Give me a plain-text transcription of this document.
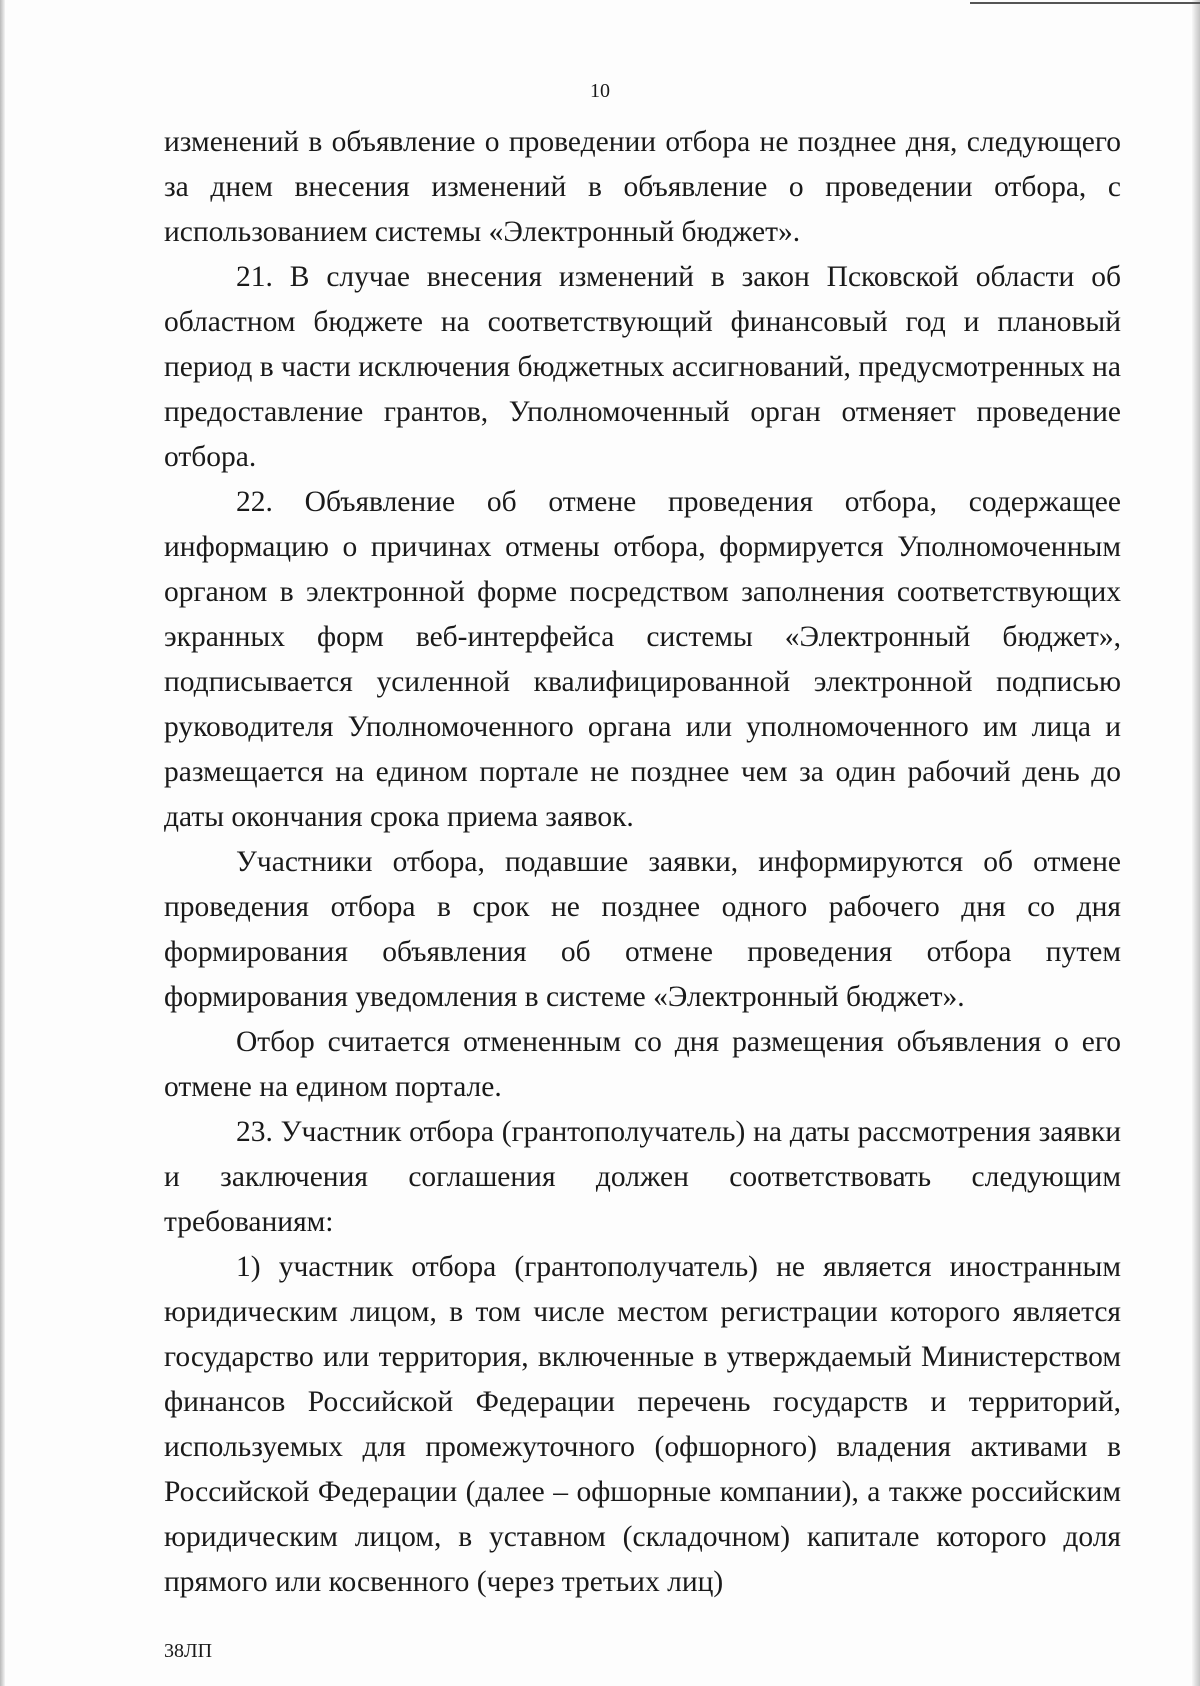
10

изменений в объявление о проведении отбора не позднее дня, следующего за днем внесения изменений в объявление о проведении отбора, с использованием системы «Электронный бюджет».

21. В случае внесения изменений в закон Псковской области об областном бюджете на соответствующий финансовый год и плановый период в части исключения бюджетных ассигнований, предусмотренных на предоставление грантов, Уполномоченный орган отменяет проведение отбора.

22. Объявление об отмене проведения отбора, содержащее информацию о причинах отмены отбора, формируется Уполномоченным органом в электронной форме посредством заполнения соответствующих экранных форм веб-интерфейса системы «Электронный бюджет», подписывается усиленной квалифицированной электронной подписью руководителя Уполномоченного органа или уполномоченного им лица и размещается на едином портале не позднее чем за один рабочий день до даты окончания срока приема заявок.

Участники отбора, подавшие заявки, информируются об отмене проведения отбора в срок не позднее одного рабочего дня со дня формирования объявления об отмене проведения отбора путем формирования уведомления в системе «Электронный бюджет».

Отбор считается отмененным со дня размещения объявления о его отмене на едином портале.

23. Участник отбора (грантополучатель) на даты рассмотрения заявки и заключения соглашения должен соответствовать следующим требованиям:

1) участник отбора (грантополучатель) не является иностранным юридическим лицом, в том числе местом регистрации которого является государство или территория, включенные в утверждаемый Министерством финансов Российской Федерации перечень государств и территорий, используемых для промежуточного (офшорного) владения активами в Российской Федерации (далее – офшорные компании), а также российским юридическим лицом, в уставном (складочном) капитале которого доля прямого или косвенного (через третьих лиц)

38ЛП
